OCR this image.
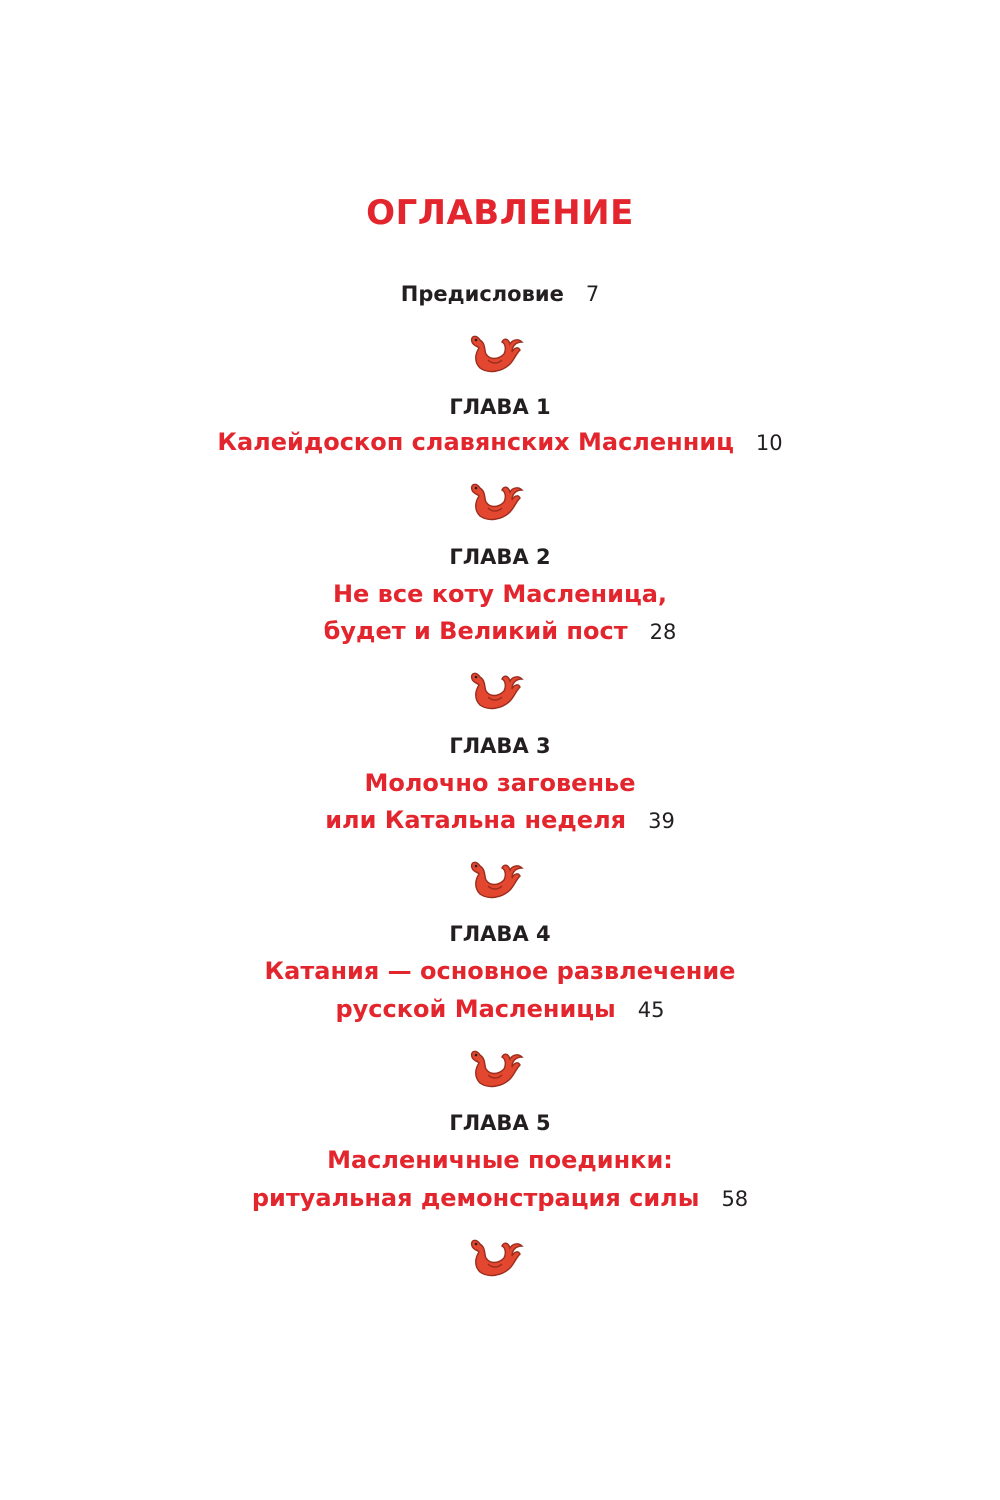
ОГЛАВЛЕНИЕ
Предисловие 7
ГЛАВА 1
Калейдоскоп славянских Масленниц 10
ГЛАВА 2
Не все коту Масленица,
будет и Великий пост 28
ГЛАВА 3
Молочно заговенье
или Катальна неделя 39
ГЛАВА 4
Катания — основное развлечение
русской Масленицы 45
ГЛАВА 5
Масленичные поединки:
ритуальная демонстрация силы 58
